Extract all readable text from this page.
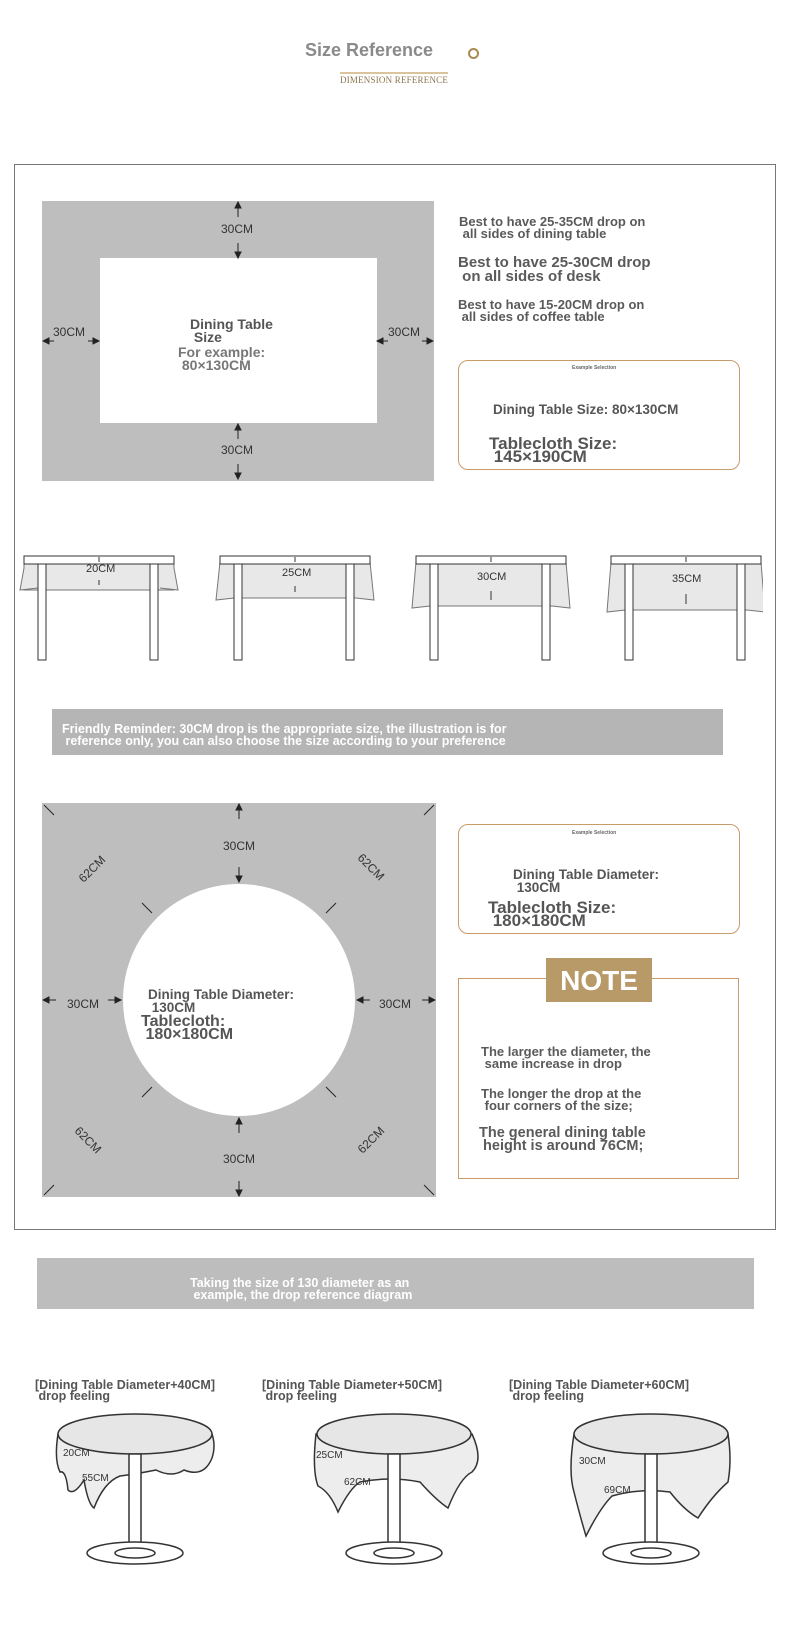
Size Reference
DIMENSION REFERENCE
30CM
30CM
30CM	30CM
Dining Table
Size
For example:
80×130CM
Best to have 25-35CM drop on
all sides of dining table
Best to have 25-30CM drop
on all sides of desk
Best to have 15-20CM drop on
all sides of coffee table
Example Selection
Dining Table Size: 80×130CM
Tablecloth Size:
145×190CM
20CM	25CM	30CM	35CM
Friendly Reminder: 30CM drop is the appropriate size, the illustration is for
reference only, you can also choose the size according to your preference
30CM
30CM
30CM	30CM
62CM	62CM
62CM	62CM
Dining Table Diameter:
130CM
Tablecloth:
180×180CM
Example Selection
Dining Table Diameter:
130CM
Tablecloth Size:
180×180CM
NOTE
The larger the diameter, the
same increase in drop
The longer the drop at the
four corners of the size;
The general dining table
height is around 76CM;
Taking the size of 130 diameter as an
example, the drop reference diagram
[Dining Table Diameter+40CM]
drop feeling
[Dining Table Diameter+50CM]
drop feeling
[Dining Table Diameter+60CM]
drop feeling
20CM
55CM
25CM
62CM
30CM
69CM
